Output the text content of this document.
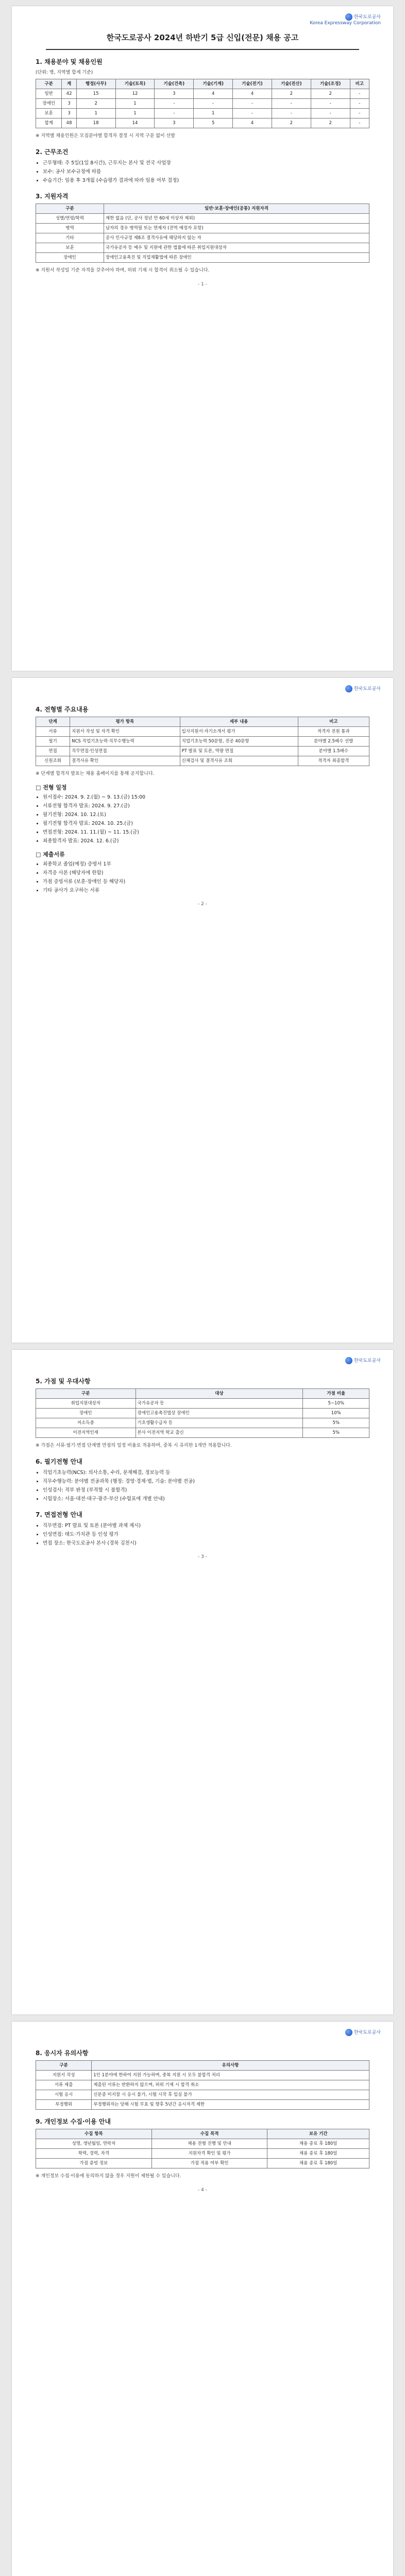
한국도로공사
Korea Expressway Corporation
한국도로공사 2024년 하반기 5급 신입(전문) 채용 공고
1. 채용분야 및 채용인원

(단위: 명, 지역별 합계 기준)

구분	계	행정(사무)	기술(토목)	기술(건축)	기술(기계)	기술(전기)	기술(전산)	기술(조경)	비고
일반	42	15	12	3	4	4	2	2	-
장애인	3	2	1	-	-	-	-	-	-
보훈	3	1	1	-	1	-	-	-	-
합계	48	18	14	3	5	4	2	2	-

※ 지역별 채용인원은 모집분야별 합격자 결정 시 지역 구분 없이 선발

2. 근무조건
• 근무형태: 주 5일(1일 8시간), 근무지는 본사 및 전국 사업장
• 보수: 공사 보수규정에 따름
• 수습기간: 임용 후 3개월 (수습평가 결과에 따라 임용 여부 결정)
3. 지원자격
구분	일반·보훈·장애인(공통) 지원자격
성별/연령/학력	제한 없음 (단, 공사 정년 만 60세 이상자 제외)
병역	남자의 경우 병역필 또는 면제자 (전역 예정자 포함)
기타	공사 인사규정 제8조 결격사유에 해당하지 않는 자
보훈	국가유공자 등 예우 및 지원에 관한 법률에 따른 취업지원대상자
장애인	장애인고용촉진 및 직업재활법에 따른 장애인

※ 지원서 작성일 기준 자격을 갖추어야 하며, 허위 기재 시 합격이 취소될 수 있습니다.

- 1 -
한국도로공사
4. 전형별 주요내용
단계	평가 항목	세부 내용	비고
서류	지원서 작성 및 자격 확인	입사지원서·자기소개서 평가	적격자 전원 통과
필기	NCS 직업기초능력·직무수행능력	직업기초능력 50문항, 전공 40문항	분야별 2.5배수 선발
면접	직무면접·인성면접	PT 발표 및 토론, 역량 면접	분야별 1.5배수
신원조회	결격사유 확인	신체검사 및 결격사유 조회	적격자 최종합격

※ 단계별 합격자 발표는 채용 홈페이지를 통해 공지합니다.

□ 전형 일정
• 원서접수: 2024. 9. 2.(월) ~ 9. 13.(금) 15:00
• 서류전형 합격자 발표: 2024. 9. 27.(금)
• 필기전형: 2024. 10. 12.(토)
• 필기전형 합격자 발표: 2024. 10. 25.(금)
• 면접전형: 2024. 11. 11.(월) ~ 11. 15.(금)
• 최종합격자 발표: 2024. 12. 6.(금)
□ 제출서류
• 최종학교 졸업(예정) 증명서 1부
• 자격증 사본 (해당자에 한함)
• 가점 증빙서류 (보훈·장애인 등 해당자)
• 기타 공사가 요구하는 서류
- 2 -
한국도로공사
5. 가점 및 우대사항
구분	대상	가점 비율
취업지원대상자	국가유공자 등	5~10%
장애인	장애인고용촉진법상 장애인	10%
저소득층	기초생활수급자 등	5%
이전지역인재	본사 이전지역 학교 출신	5%

※ 가점은 서류·필기·면접 단계별 만점의 일정 비율로 적용하며, 중복 시 유리한 1개만 적용합니다.

6. 필기전형 안내
• 직업기초능력(NCS): 의사소통, 수리, 문제해결, 정보능력 등
• 직무수행능력: 분야별 전공과목 (행정: 경영·경제·법, 기술: 분야별 전공)
• 인성검사: 적부 판정 (부적합 시 불합격)
• 시험장소: 서울·대전·대구·광주·부산 (수험표에 개별 안내)
7. 면접전형 안내
• 직무면접: PT 발표 및 토론 (분야별 과제 제시)
• 인성면접: 태도·가치관 등 인성 평가
• 면접 장소: 한국도로공사 본사 (경북 김천시)
- 3 -
한국도로공사
8. 응시자 유의사항
구분	유의사항
지원서 작성	1인 1분야에 한하여 지원 가능하며, 중복 지원 시 모두 불합격 처리
서류 제출	제출된 서류는 반환하지 않으며, 허위 기재 시 합격 취소
시험 응시	신분증 미지참 시 응시 불가, 시험 시작 후 입실 불가
부정행위	부정행위자는 당해 시험 무효 및 향후 5년간 응시자격 제한
9. 개인정보 수집·이용 안내
수집 항목	수집 목적	보유 기간
성명, 생년월일, 연락처	채용 전형 진행 및 안내	채용 종료 후 180일
학력, 경력, 자격	지원자격 확인 및 평가	채용 종료 후 180일
가점 증빙 정보	가점 적용 여부 확인	채용 종료 후 180일

※ 개인정보 수집·이용에 동의하지 않을 경우 지원이 제한될 수 있습니다.

- 4 -
